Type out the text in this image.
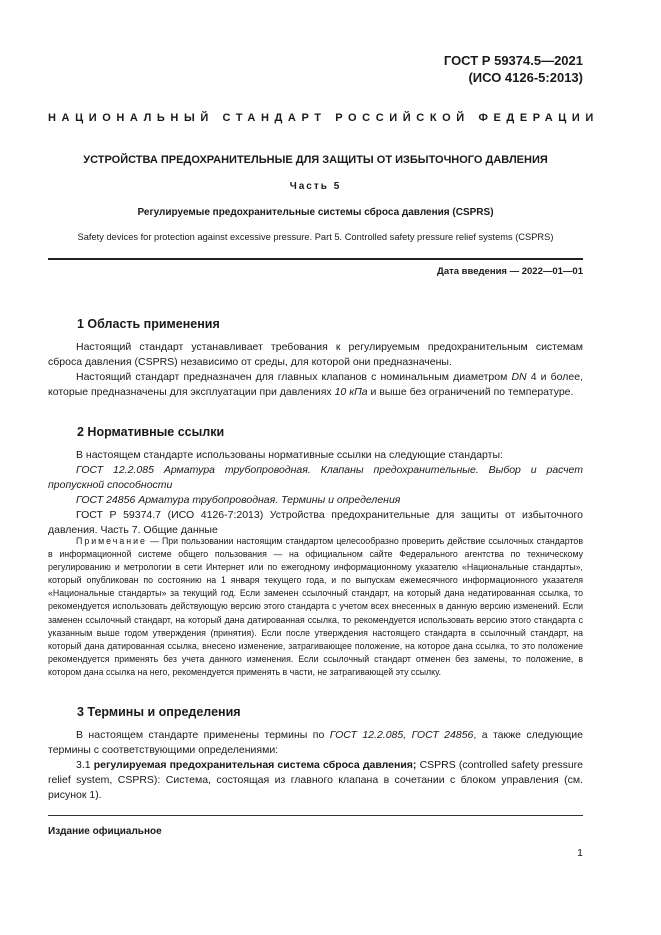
ГОСТ Р 59374.5—2021
(ИСО 4126-5:2013)
НАЦИОНАЛЬНЫЙ СТАНДАРТ РОССИЙСКОЙ ФЕДЕРАЦИИ
УСТРОЙСТВА ПРЕДОХРАНИТЕЛЬНЫЕ ДЛЯ ЗАЩИТЫ ОТ ИЗБЫТОЧНОГО ДАВЛЕНИЯ
Часть 5
Регулируемые предохранительные системы сброса давления (CSPRS)
Safety devices for protection against excessive pressure. Part 5. Controlled safety pressure relief systems (CSPRS)
Дата введения — 2022—01—01
1 Область применения

Настоящий стандарт устанавливает требования к регулируемым предохранительным системам сброса давления (CSPRS) независимо от среды, для которой они предназначены.

Настоящий стандарт предназначен для главных клапанов с номинальным диаметром DN 4 и более, которые предназначены для эксплуатации при давлениях 10 кПа и выше без ограничений по температуре.

2 Нормативные ссылки

В настоящем стандарте использованы нормативные ссылки на следующие стандарты:

ГОСТ 12.2.085 Арматура трубопроводная. Клапаны предохранительные. Выбор и расчет пропускной способности

ГОСТ 24856 Арматура трубопроводная. Термины и определения

ГОСТ Р 59374.7 (ИСО 4126-7:2013) Устройства предохранительные для защиты от избыточного давления. Часть 7. Общие данные

Примечание — При пользовании настоящим стандартом целесообразно проверить действие ссылочных стандартов в информационной системе общего пользования — на официальном сайте Федерального агентства по техническому регулированию и метрологии в сети Интернет или по ежегодному информационному указателю «Национальные стандарты», который опубликован по состоянию на 1 января текущего года, и по выпускам ежемесячного информационного указателя «Национальные стандарты» за текущий год. Если заменен ссылочный стандарт, на который дана недатированная ссылка, то рекомендуется использовать действующую версию этого стандарта с учетом всех внесенных в данную версию изменений. Если заменен ссылочный стандарт, на который дана датированная ссылка, то рекомендуется использовать версию этого стандарта с указанным выше годом утверждения (принятия). Если после утверждения настоящего стандарта в ссылочный стандарт, на который дана датированная ссылка, внесено изменение, затрагивающее положение, на которое дана ссылка, то это положение рекомендуется применять без учета данного изменения. Если ссылочный стандарт отменен без замены, то положение, в котором дана ссылка на него, рекомендуется применять в части, не затрагивающей эту ссылку.

3 Термины и определения

В настоящем стандарте применены термины по ГОСТ 12.2.085, ГОСТ 24856, а также следующие термины с соответствующими определениями:

3.1 регулируемая предохранительная система сброса давления; CSPRS (controlled safety pressure relief system, CSPRS): Система, состоящая из главного клапана в сочетании с блоком управления (см. рисунок 1).

Издание официальное
1
